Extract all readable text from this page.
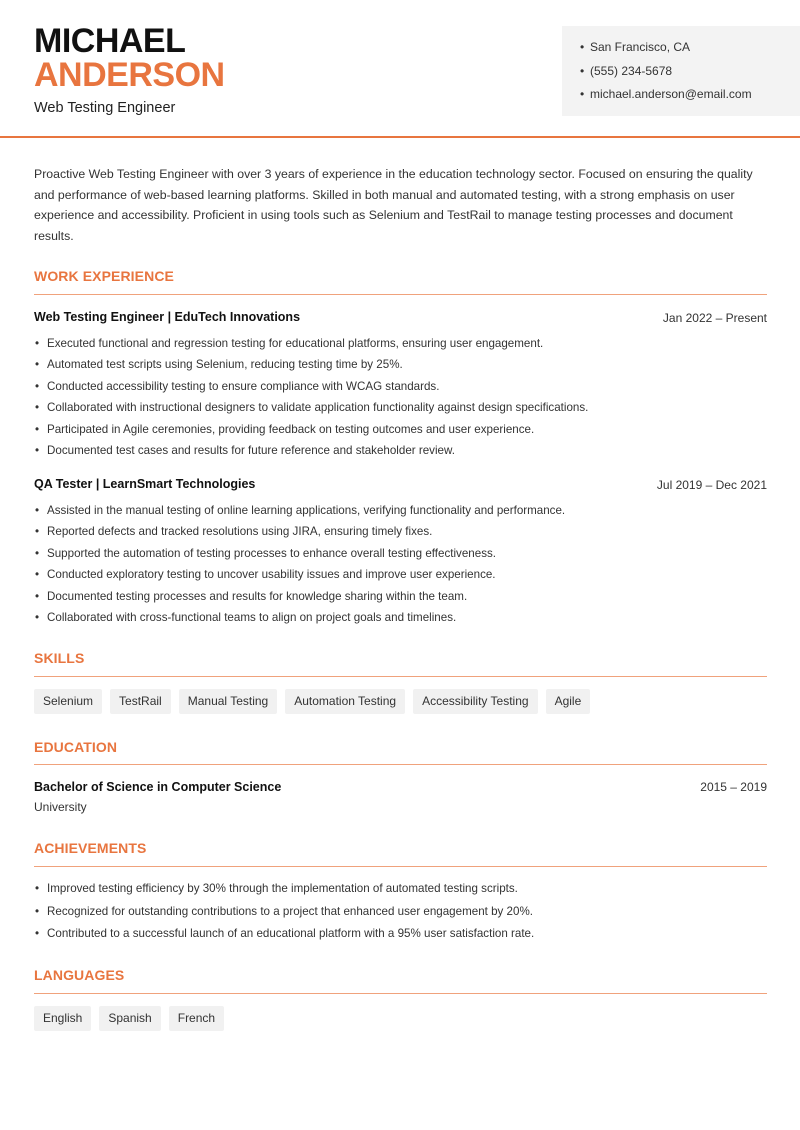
MICHAEL
ANDERSON
Web Testing Engineer
• San Francisco, CA
• (555) 234-5678
• michael.anderson@email.com
Proactive Web Testing Engineer with over 3 years of experience in the education technology sector. Focused on ensuring the quality and performance of web-based learning platforms. Skilled in both manual and automated testing, with a strong emphasis on user experience and accessibility. Proficient in using tools such as Selenium and TestRail to manage testing processes and document results.
WORK EXPERIENCE
Web Testing Engineer | EduTech Innovations	Jan 2022 – Present
• Executed functional and regression testing for educational platforms, ensuring user engagement.
• Automated test scripts using Selenium, reducing testing time by 25%.
• Conducted accessibility testing to ensure compliance with WCAG standards.
• Collaborated with instructional designers to validate application functionality against design specifications.
• Participated in Agile ceremonies, providing feedback on testing outcomes and user experience.
• Documented test cases and results for future reference and stakeholder review.
QA Tester | LearnSmart Technologies	Jul 2019 – Dec 2021
• Assisted in the manual testing of online learning applications, verifying functionality and performance.
• Reported defects and tracked resolutions using JIRA, ensuring timely fixes.
• Supported the automation of testing processes to enhance overall testing effectiveness.
• Conducted exploratory testing to uncover usability issues and improve user experience.
• Documented testing processes and results for knowledge sharing within the team.
• Collaborated with cross-functional teams to align on project goals and timelines.
SKILLS
Selenium	TestRail	Manual Testing	Automation Testing	Accessibility Testing	Agile
EDUCATION
Bachelor of Science in Computer Science	2015 – 2019
University
ACHIEVEMENTS
• Improved testing efficiency by 30% through the implementation of automated testing scripts.
• Recognized for outstanding contributions to a project that enhanced user engagement by 20%.
• Contributed to a successful launch of an educational platform with a 95% user satisfaction rate.
LANGUAGES
English	Spanish	French
